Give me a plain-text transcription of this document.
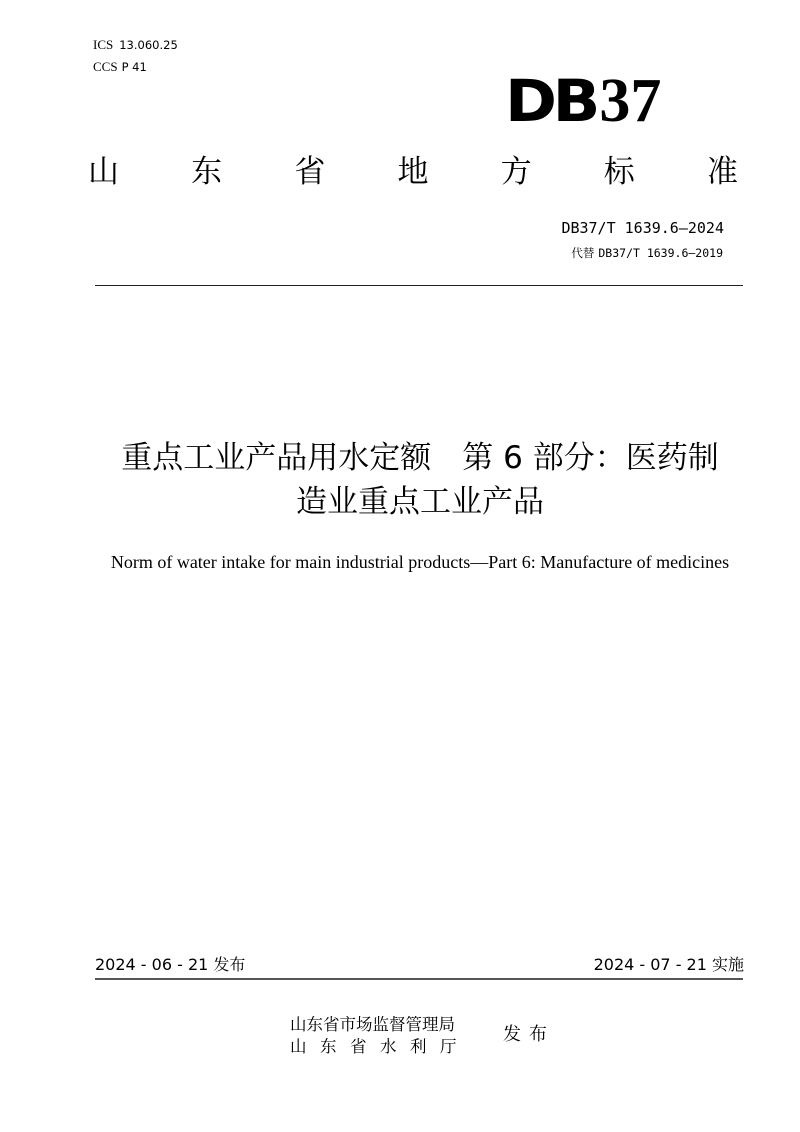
ICS 13.060.25
CCS P 41	DB 37
山 东 省 地 方 标 准
DB37/T 1639.6—2024
代替 DB37/T 1639.6—2019
重点工业产品用水定额　第 6 部分：医药制
造业重点工业产品
Norm of water intake for main industrial products—Part 6: Manufacture of medicines
2024 - 06 - 21 发布	2024 - 07 - 21 实施
山东省市场监督管理局
山东省水利厅
发布
